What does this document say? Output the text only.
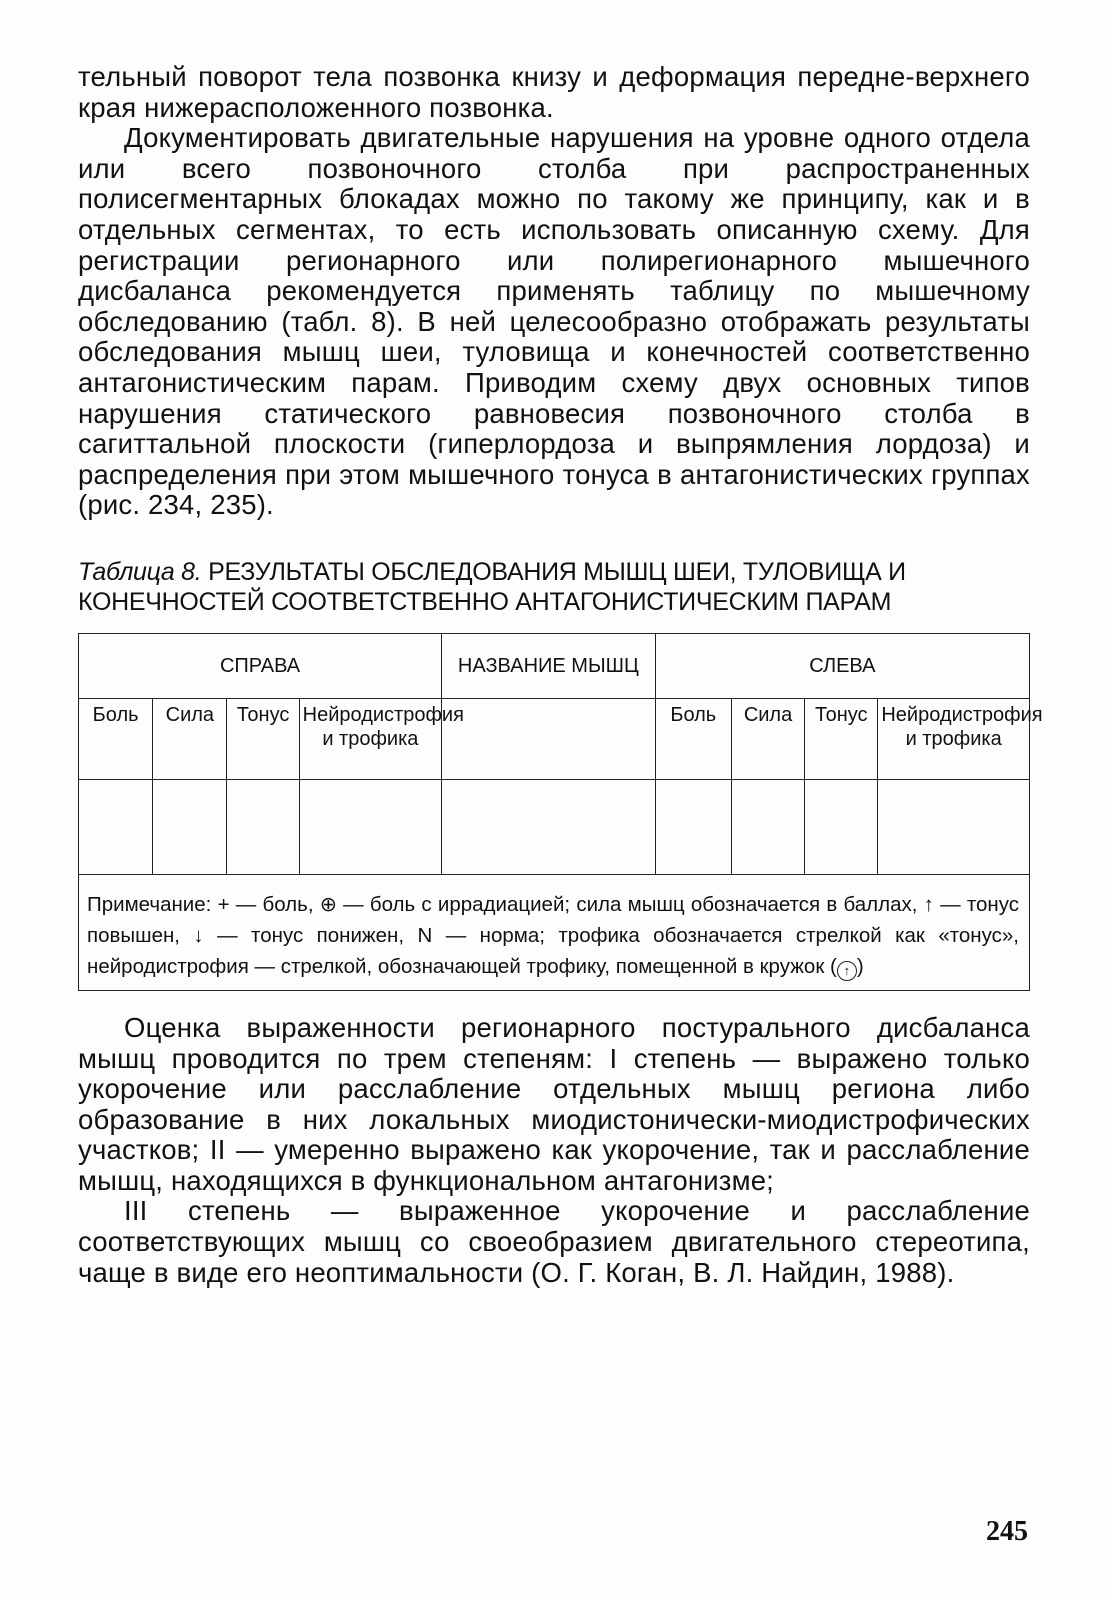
тельный поворот тела позвонка книзу и деформация передне-верхнего края нижерасположенного позвонка.

Документировать двигательные нарушения на уровне одного отдела или всего позвоночного столба при распространенных полисегментарных блокадах можно по такому же принципу, как и в отдельных сегментах, то есть использовать описанную схему. Для регистрации регионарного или полирегионарного мышечного дисбаланса рекомендуется применять таблицу по мышечному обследованию (табл. 8). В ней целесообразно отображать результаты обследования мышц шеи, туловища и конечностей соответственно антагонистическим парам. Приводим схему двух основных типов нарушения статического равновесия позвоночного столба в сагиттальной плоскости (гиперлордоза и выпрямления лордоза) и распределения при этом мышечного тонуса в антагонистических группах (рис. 234, 235).

Таблица 8. РЕЗУЛЬТАТЫ ОБСЛЕДОВАНИЯ МЫШЦ ШЕИ, ТУЛОВИЩА И КОНЕЧНОСТЕЙ СООТВЕТСТВЕННО АНТАГОНИСТИЧЕСКИМ ПАРАМ
СПРАВА				НАЗВАНИЕ МЫШЦ	СЛЕВА			
Боль	Сила	Тонус	Нейродистрофия и трофика		Боль	Сила	Тонус	Нейродистрофия и трофика

Примечание: + — боль, ⊕ — боль с иррадиацией; сила мышц обозначается в баллах, ↑ — тонус повышен, ↓ — тонус понижен, N — норма; трофика обозначается стрелкой как «тонус», нейродистрофия — стрелкой, обозначающей трофику, помещенной в кружок ( ↑ )								

Оценка выраженности регионарного постурального дисбаланса мышц проводится по трем степеням: I степень — выражено только укорочение или расслабление отдельных мышц региона либо образование в них локальных миодистонически-миодистрофических участков; II — умеренно выражено как укорочение, так и расслабление мышц, находящихся в функциональном антагонизме;

III степень — выраженное укорочение и расслабление соответствующих мышц со своеобразием двигательного стереотипа, чаще в виде его неоптимальности (О. Г. Коган, В. Л. Найдин, 1988).

245
